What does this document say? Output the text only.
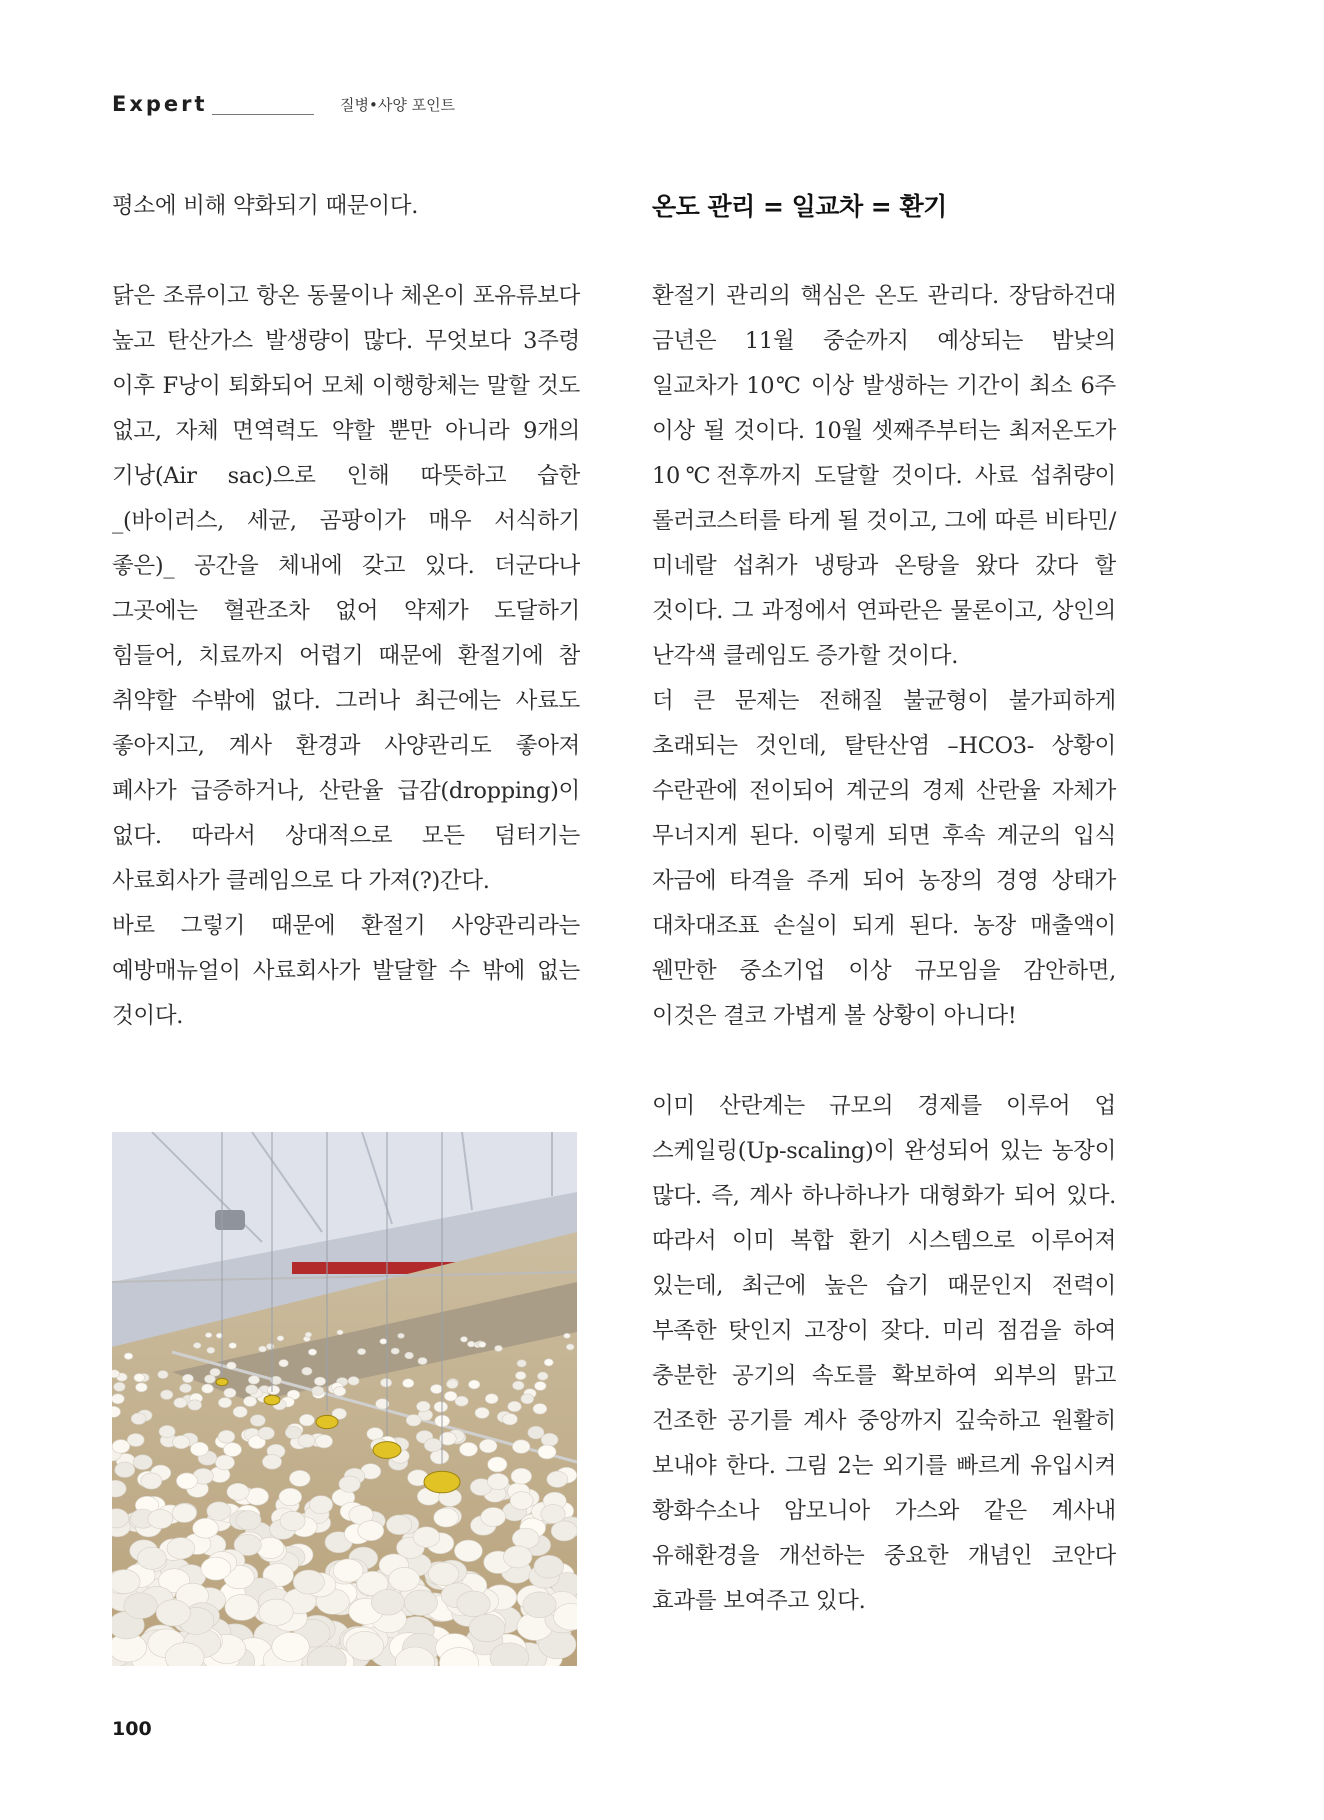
Expert	질병•사양 포인트

평소에 비해 약화되기 때문이다.

닭은 조류이고 항온 동물이나 체온이 포유류보다 높고 탄산가스 발생량이 많다. 무엇보다 3주령 이후 F낭이 퇴화되어 모체 이행항체는 말할 것도 없고, 자체 면역력도 약할 뿐만 아니라 9개의 기낭(Air sac)으로 인해 따뜻하고 습한_(바이러스, 세균, 곰팡이가 매우 서식하기 좋은)_ 공간을 체내에 갖고 있다. 더군다나 그곳에는 혈관조차 없어 약제가 도달하기 힘들어, 치료까지 어렵기 때문에 환절기에 참 취약할 수밖에 없다. 그러나 최근에는 사료도 좋아지고, 계사 환경과 사양관리도 좋아져 폐사가 급증하거나, 산란율 급감(dropping)이 없다. 따라서 상대적으로 모든 덤터기는 사료회사가 클레임으로 다 가져(?)간다.

바로 그렇기 때문에 환절기 사양관리라는 예방매뉴얼이 사료회사가 발달할 수 밖에 없는 것이다.

온도 관리 = 일교차 = 환기

환절기 관리의 핵심은 온도 관리다. 장담하건대 금년은 11월 중순까지 예상되는 밤낮의 일교차가 10℃ 이상 발생하는 기간이 최소 6주 이상 될 것이다. 10월 셋째주부터는 최저온도가 10℃전후까지 도달할 것이다. 사료 섭취량이 롤러코스터를 타게 될 것이고, 그에 따른 비타민/미네랄 섭취가 냉탕과 온탕을 왔다 갔다 할 것이다. 그 과정에서 연파란은 물론이고, 상인의 난각색 클레임도 증가할 것이다.

더 큰 문제는 전해질 불균형이 불가피하게 초래되는 것인데, 탈탄산염 –HCO3- 상황이 수란관에 전이되어 계군의 경제 산란율 자체가 무너지게 된다. 이렇게 되면 후속 계군의 입식 자금에 타격을 주게 되어 농장의 경영 상태가 대차대조표 손실이 되게 된다. 농장 매출액이 웬만한 중소기업 이상 규모임을 감안하면, 이것은 결코 가볍게 볼 상황이 아니다!

이미 산란계는 규모의 경제를 이루어 업 스케일링(Up-scaling)이 완성되어 있는 농장이 많다. 즉, 계사 하나하나가 대형화가 되어 있다. 따라서 이미 복합 환기 시스템으로 이루어져 있는데, 최근에 높은 습기 때문인지 전력이 부족한 탓인지 고장이 잦다. 미리 점검을 하여 충분한 공기의 속도를 확보하여 외부의 맑고 건조한 공기를 계사 중앙까지 깊숙하고 원활히 보내야 한다. 그림 2는 외기를 빠르게 유입시켜 황화수소나 암모니아 가스와 같은 계사내 유해환경을 개선하는 중요한 개념인 코안다 효과를 보여주고 있다.

100
